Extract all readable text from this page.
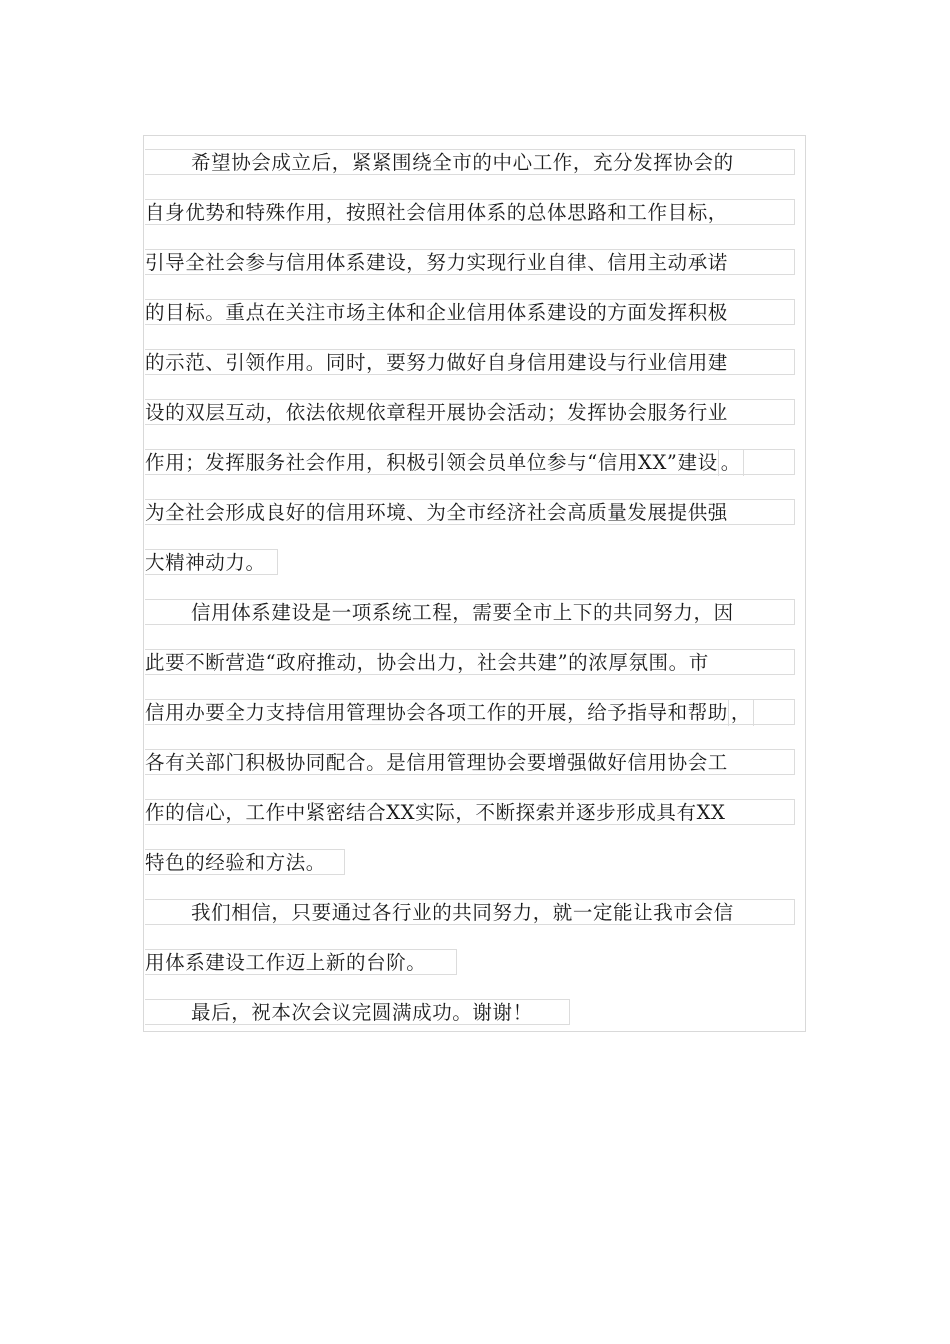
希望协会成立后，紧紧围绕全市的中心工作，充分发挥协会的
自身优势和特殊作用，按照社会信用体系的总体思路和工作目标，
引导全社会参与信用体系建设，努力实现行业自律、信用主动承诺
的目标。重点在关注市场主体和企业信用体系建设的方面发挥积极
的示范、引领作用。同时，要努力做好自身信用建设与行业信用建
设的双层互动，依法依规依章程开展协会活动；发挥协会服务行业
作用；发挥服务社会作用，积极引领会员单位参与“信用XX”建设 。
为全社会形成良好的信用环境、为全市经济社会高质量发展提供强
大精神动力。
信用体系建设是一项系统工程，需要全市上下的共同努力，因
此要不断营造“政府推动，协会出力，社会共建”的浓厚氛围。市
信用办要全力支持信用管理协会各项工作的开展，给予指导和帮助 ，
各有关部门积极协同配合。是信用管理协会要增强做好信用协会工
作的信心，工作中紧密结合XX实际，不断探索并逐步形成具有XX
特色的经验和方法。
我们相信，只要通过各行业的共同努力，就一定能让我市会信
用体系建设工作迈上新的台阶。
最后，祝本次会议完圆满成功。谢谢！
